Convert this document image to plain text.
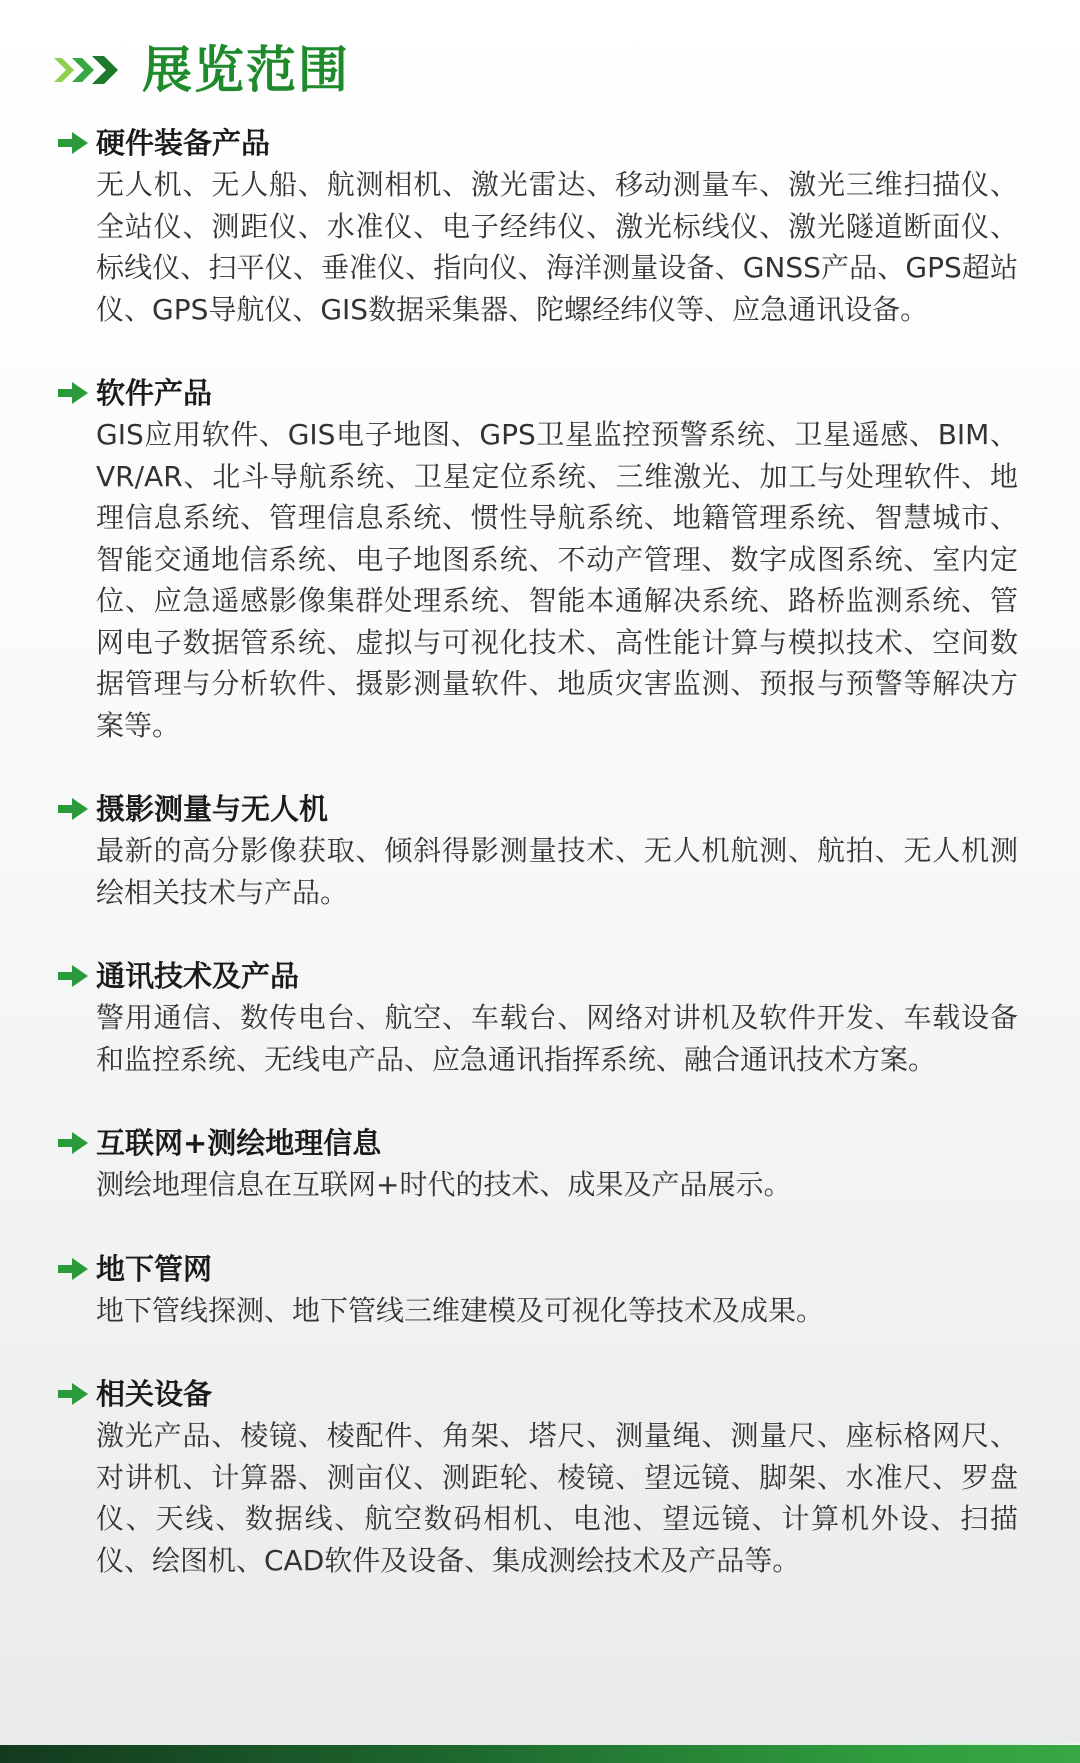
展览范围
硬件装备产品
无人机、无人船、航测相机、激光雷达、移动测量车、激光三维扫描仪、全站仪、测距仪、水准仪、电子经纬仪、激光标线仪、激光隧道断面仪、标线仪、扫平仪、垂准仪、指向仪、海洋测量设备、GNSS产品、GPS超站仪、GPS导航仪、GIS数据采集器、陀螺经纬仪等、应急通讯设备。
软件产品
GIS应用软件、GIS电子地图、GPS卫星监控预警系统、卫星遥感、BIM、VR/AR、北斗导航系统、卫星定位系统、三维激光、加工与处理软件、地理信息系统、管理信息系统、惯性导航系统、地籍管理系统、智慧城市、智能交通地信系统、电子地图系统、不动产管理、数字成图系统、室内定位、应急遥感影像集群处理系统、智能本通解决系统、路桥监测系统、管网电子数据管系统、虚拟与可视化技术、高性能计算与模拟技术、空间数据管理与分析软件、摄影测量软件、地质灾害监测、预报与预警等解决方案等。
摄影测量与无人机
最新的高分影像获取、倾斜得影测量技术、无人机航测、航拍、无人机测绘相关技术与产品。
通讯技术及产品
警用通信、数传电台、航空、车载台、网络对讲机及软件开发、车载设备和监控系统、无线电产品、应急通讯指挥系统、融合通讯技术方案。
互联网+测绘地理信息
测绘地理信息在互联网+时代的技术、成果及产品展示。
地下管网
地下管线探测、地下管线三维建模及可视化等技术及成果。
相关设备
激光产品、棱镜、棱配件、角架、塔尺、测量绳、测量尺、座标格网尺、对讲机、计算器、测亩仪、测距轮、棱镜、望远镜、脚架、水准尺、罗盘仪、天线、数据线、航空数码相机、电池、望远镜、计算机外设、扫描仪、绘图机、CAD软件及设备、集成测绘技术及产品等。
